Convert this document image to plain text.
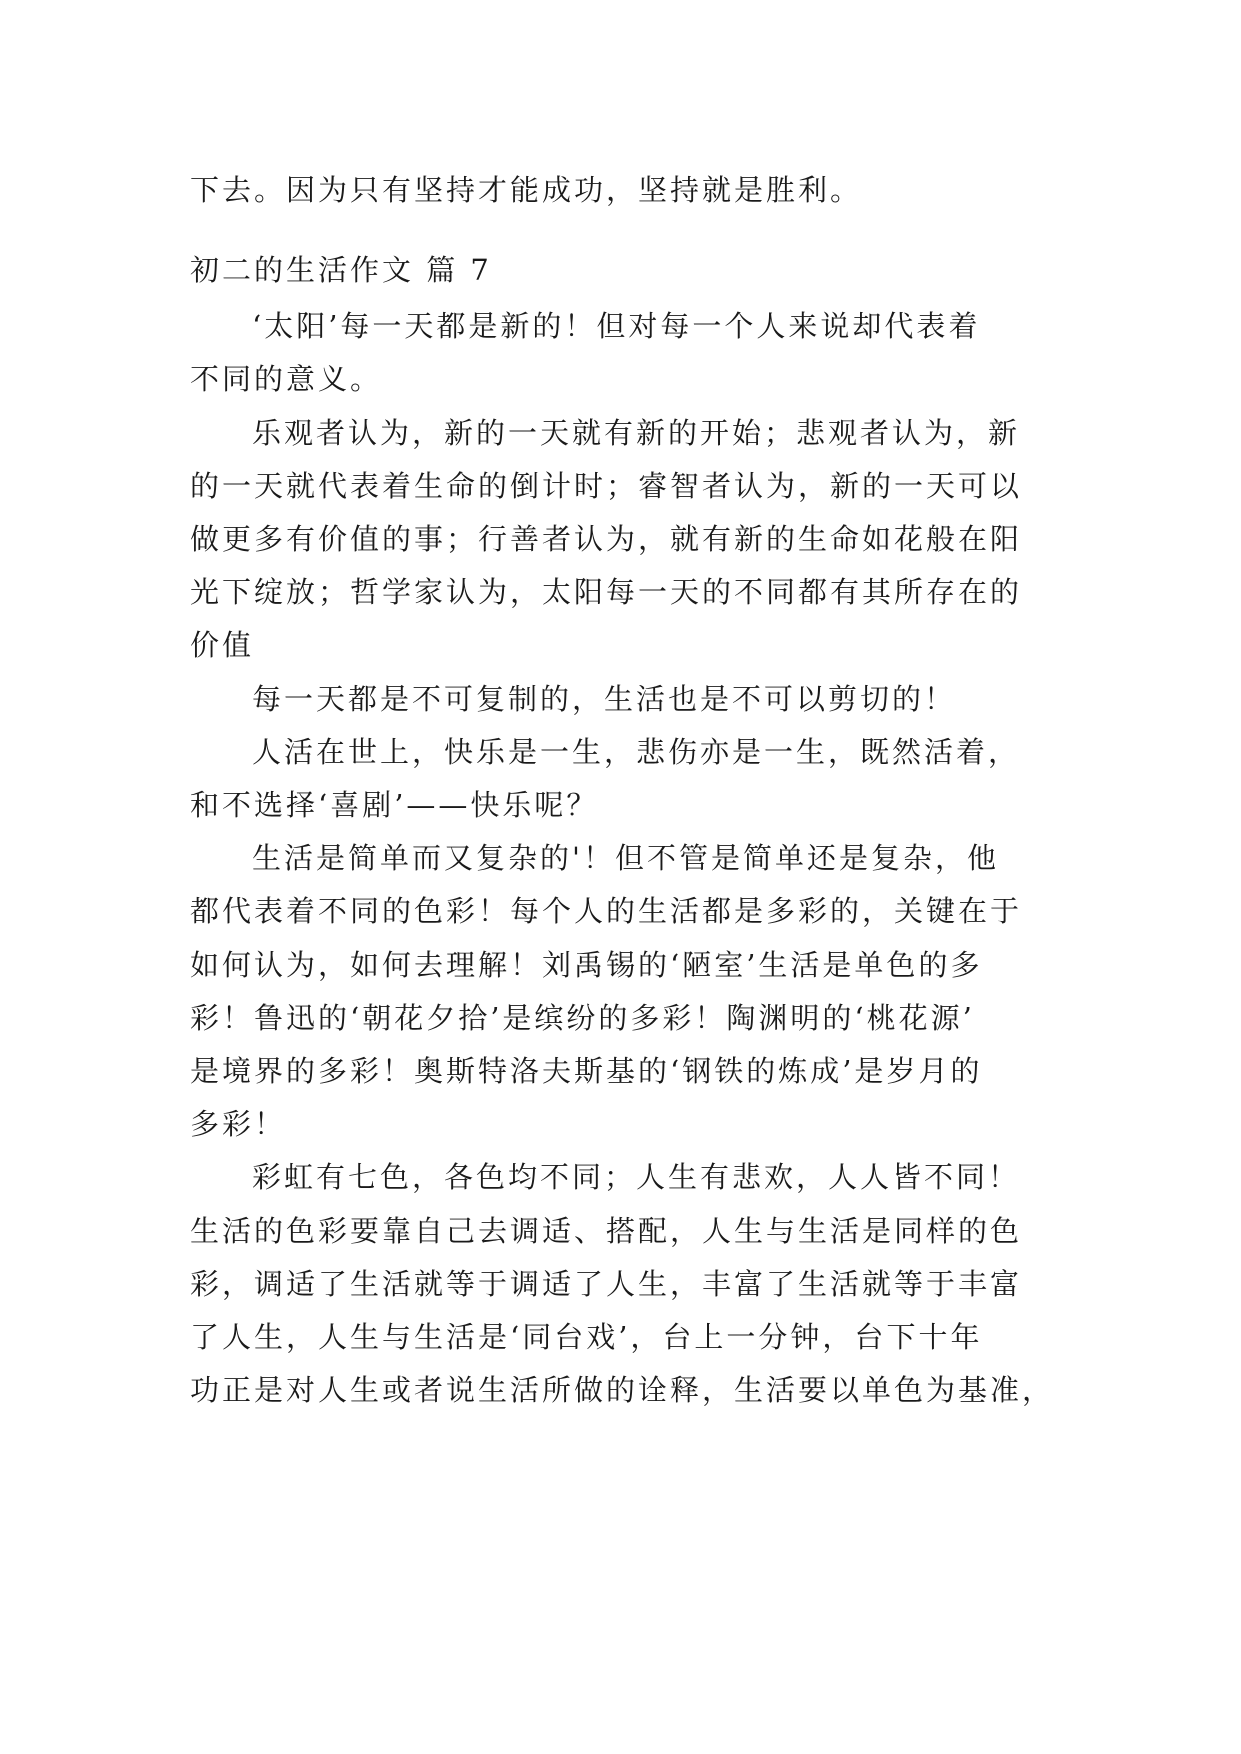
下去。因为只有坚持才能成功，坚持就是胜利。
初二的生活作文 篇 7
‘太阳’每一天都是新的！但对每一个人来说却代表着
不同的意义。
乐观者认为，新的一天就有新的开始；悲观者认为，新
的一天就代表着生命的倒计时；睿智者认为，新的一天可以
做更多有价值的事；行善者认为，就有新的生命如花般在阳
光下绽放；哲学家认为，太阳每一天的不同都有其所存在的
价值
每一天都是不可复制的，生活也是不可以剪切的！
人活在世上，快乐是一生，悲伤亦是一生，既然活着，
和不选择‘喜剧’——快乐呢？
生活是简单而又复杂的'！但不管是简单还是复杂，他
都代表着不同的色彩！每个人的生活都是多彩的，关键在于
如何认为，如何去理解！刘禹锡的‘陋室’生活是单色的多
彩！鲁迅的‘朝花夕拾’是缤纷的多彩！陶渊明的‘桃花源’
是境界的多彩！奥斯特洛夫斯基的‘钢铁的炼成’是岁月的
多彩！
彩虹有七色，各色均不同；人生有悲欢，人人皆不同！
生活的色彩要靠自己去调适、搭配，人生与生活是同样的色
彩，调适了生活就等于调适了人生，丰富了生活就等于丰富
了人生，人生与生活是‘同台戏’，台上一分钟，台下十年
功正是对人生或者说生活所做的诠释，生活要以单色为基准，
